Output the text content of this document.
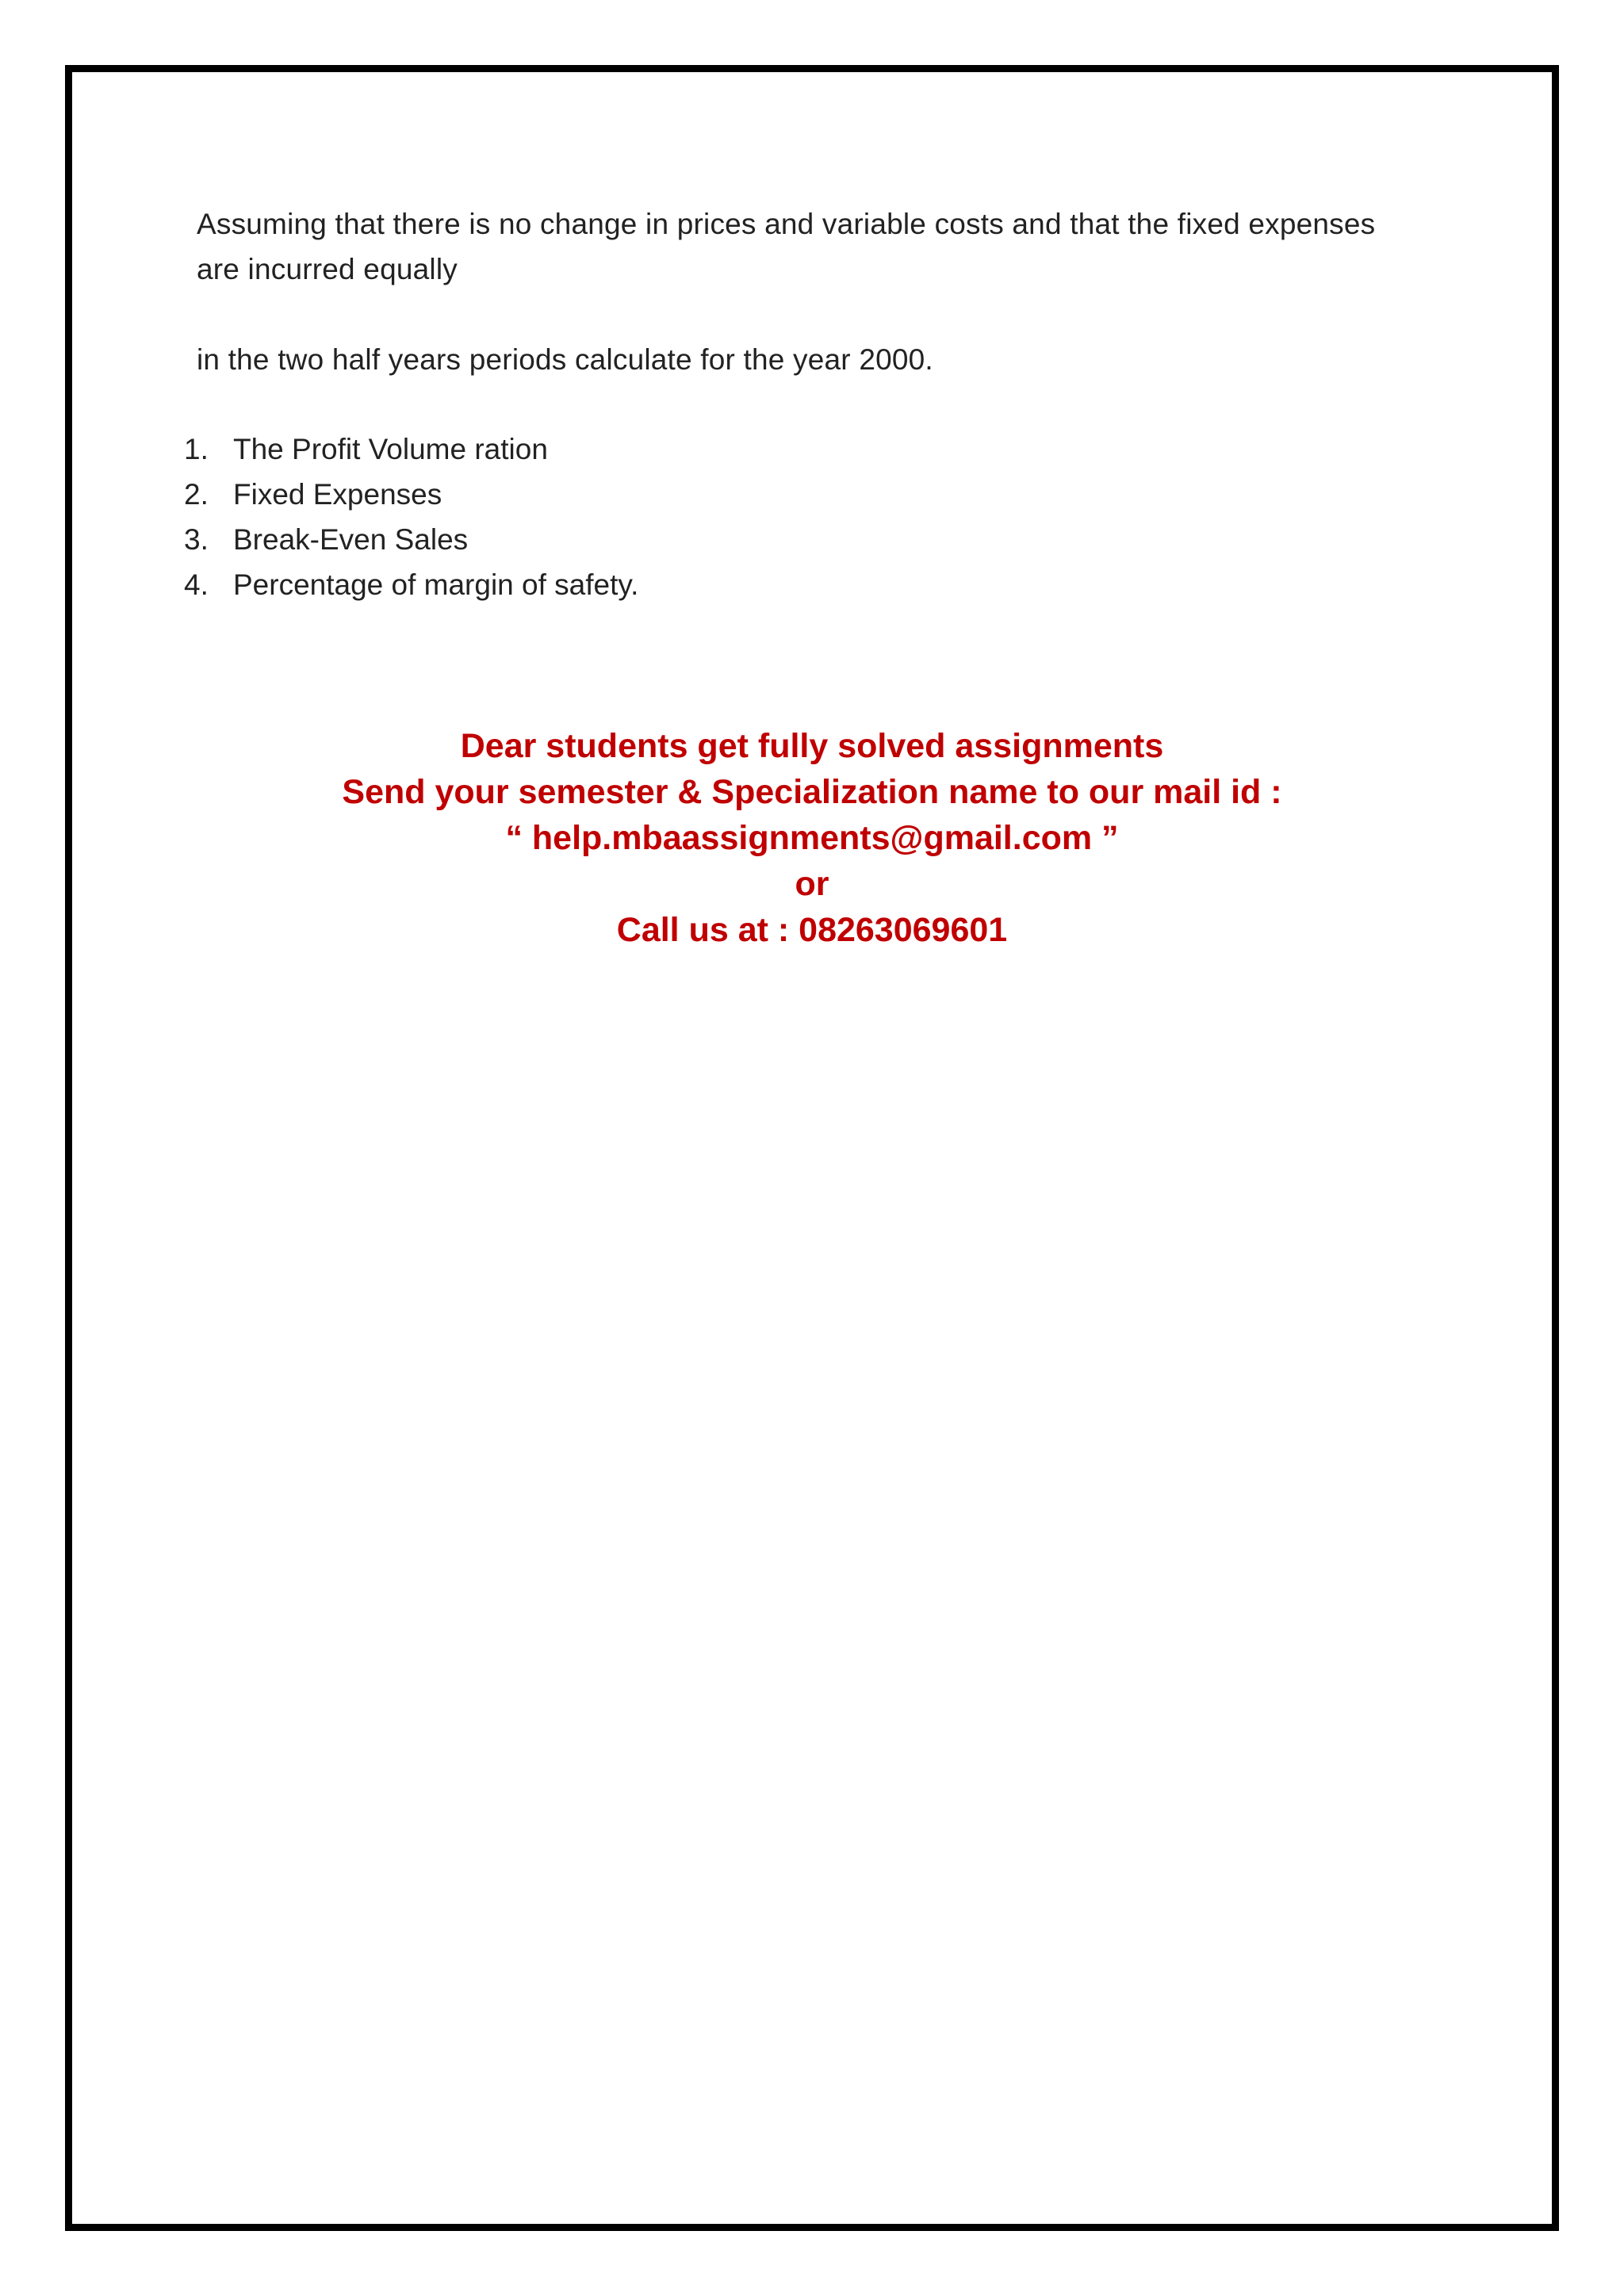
Assuming that there is no change in prices and variable costs and that the fixed expenses are incurred equally
in the two half years periods calculate for the year 2000.
1. The Profit Volume ration
2. Fixed Expenses
3. Break-Even Sales
4. Percentage of margin of safety.
Dear students get fully solved assignments
Send your semester & Specialization name to our mail id :
“ help.mbaassignments@gmail.com ”
or
Call us at : 08263069601
